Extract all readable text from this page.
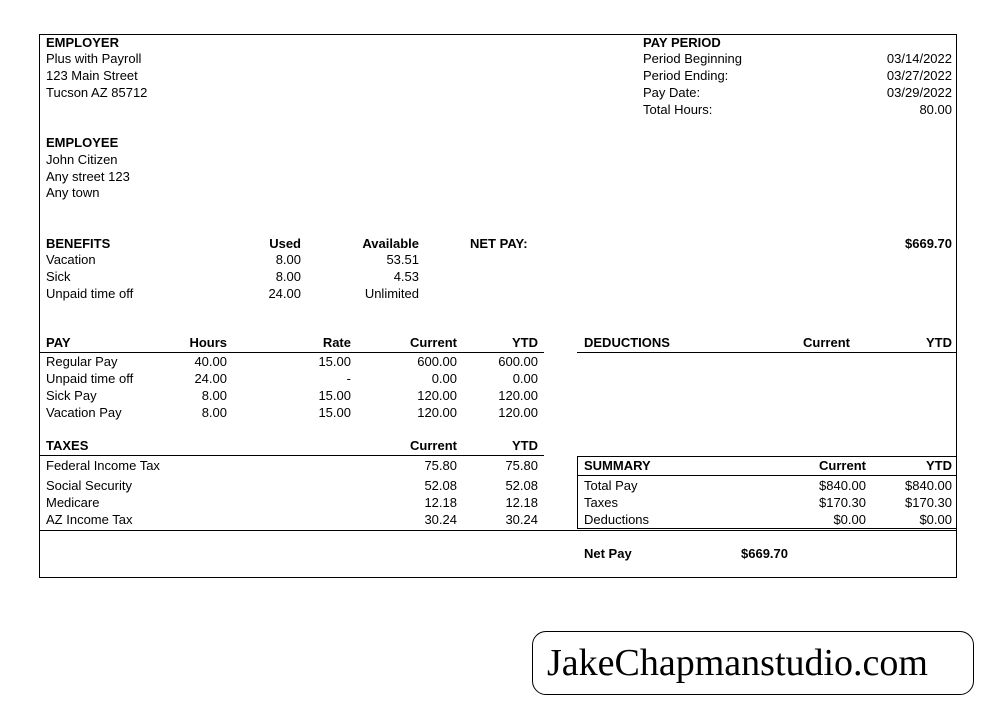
EMPLOYER
Plus with Payroll
123 Main Street
Tucson AZ 85712
PAY PERIOD
Period Beginning	03/14/2022
Period Ending:	03/27/2022
Pay Date:	03/29/2022
Total Hours:	80.00
EMPLOYEE
John Citizen
Any street 123
Any town
BENEFITS	Used	Available
Vacation	8.00	53.51
Sick	8.00	4.53
Unpaid time off	24.00	Unlimited
NET PAY:	$669.70
PAY	Hours	Rate	Current	YTD
Regular Pay	40.00	15.00	600.00	600.00
Unpaid time off	24.00	-	0.00	0.00
Sick Pay	8.00	15.00	120.00	120.00
Vacation Pay	8.00	15.00	120.00	120.00
DEDUCTIONS	Current	YTD
TAXES	Current	YTD
Federal Income Tax	75.80	75.80
Social Security	52.08	52.08
Medicare	12.18	12.18
AZ Income Tax	30.24	30.24
SUMMARY	Current	YTD
Total Pay	$840.00	$840.00
Taxes	$170.30	$170.30
Deductions	$0.00	$0.00
Net Pay	$669.70
JakeChapmanstudio.com
